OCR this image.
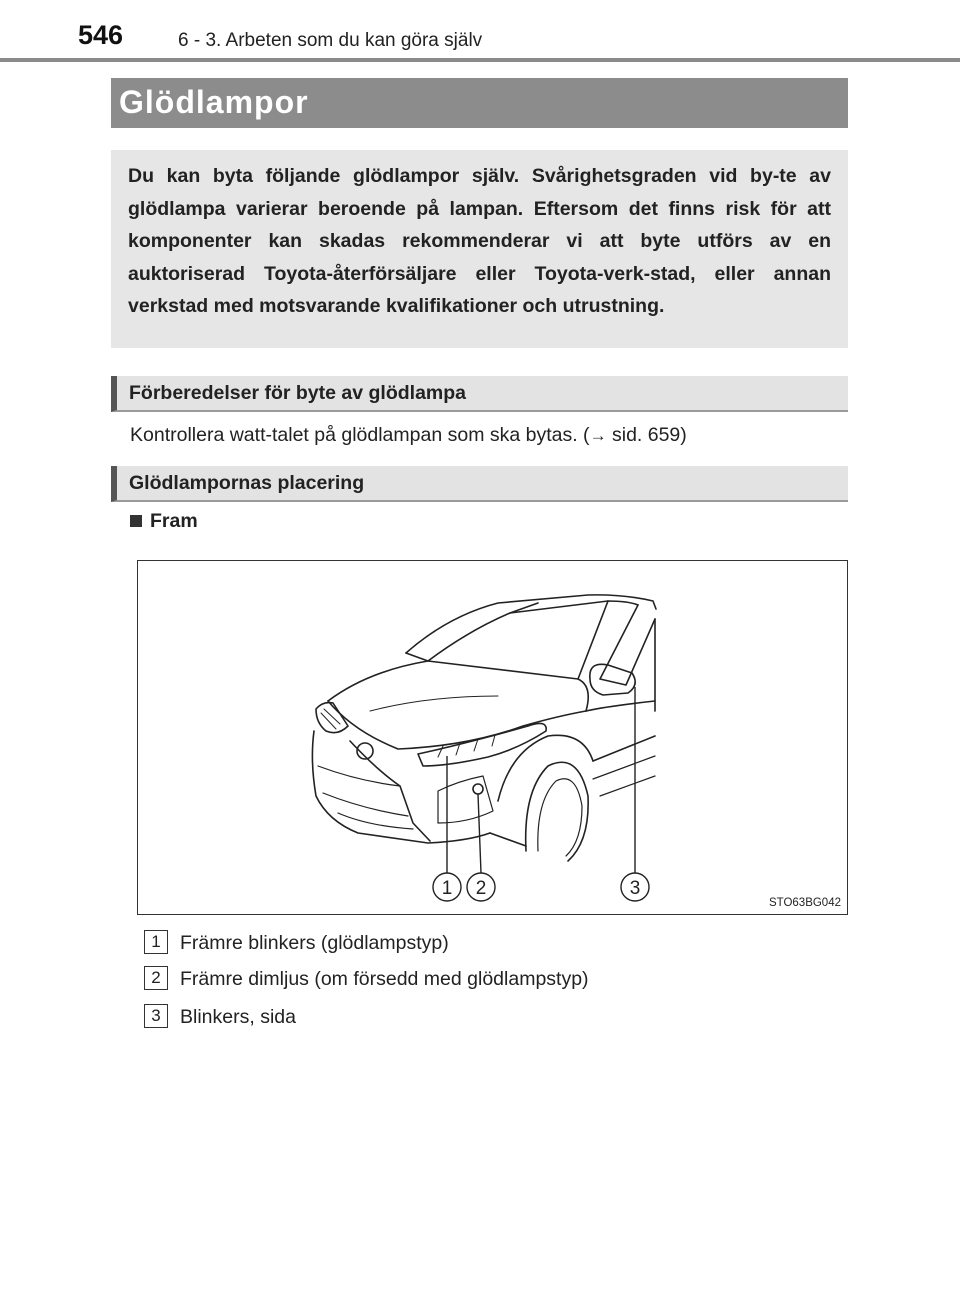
546	6 - 3. Arbeten som du kan göra själv
Glödlampor

Du kan byta följande glödlampor själv. Svårighetsgraden vid by-te av glödlampa varierar beroende på lampan. Eftersom det finns risk för att komponenter kan skadas rekommenderar vi att byte utförs av en auktoriserad Toyota-återförsäljare eller Toyota-verk-stad, eller annan verkstad med motsvarande kvalifikationer och utrustning.

Förberedelser för byte av glödlampa
Kontrollera watt-talet på glödlampan som ska bytas. (→ sid. 659)
Glödlampornas placering
Fram
1 2	3
STO63BG042
1 Främre blinkers (glödlampstyp)
2 Främre dimljus (om försedd med glödlampstyp)
3 Blinkers, sida
